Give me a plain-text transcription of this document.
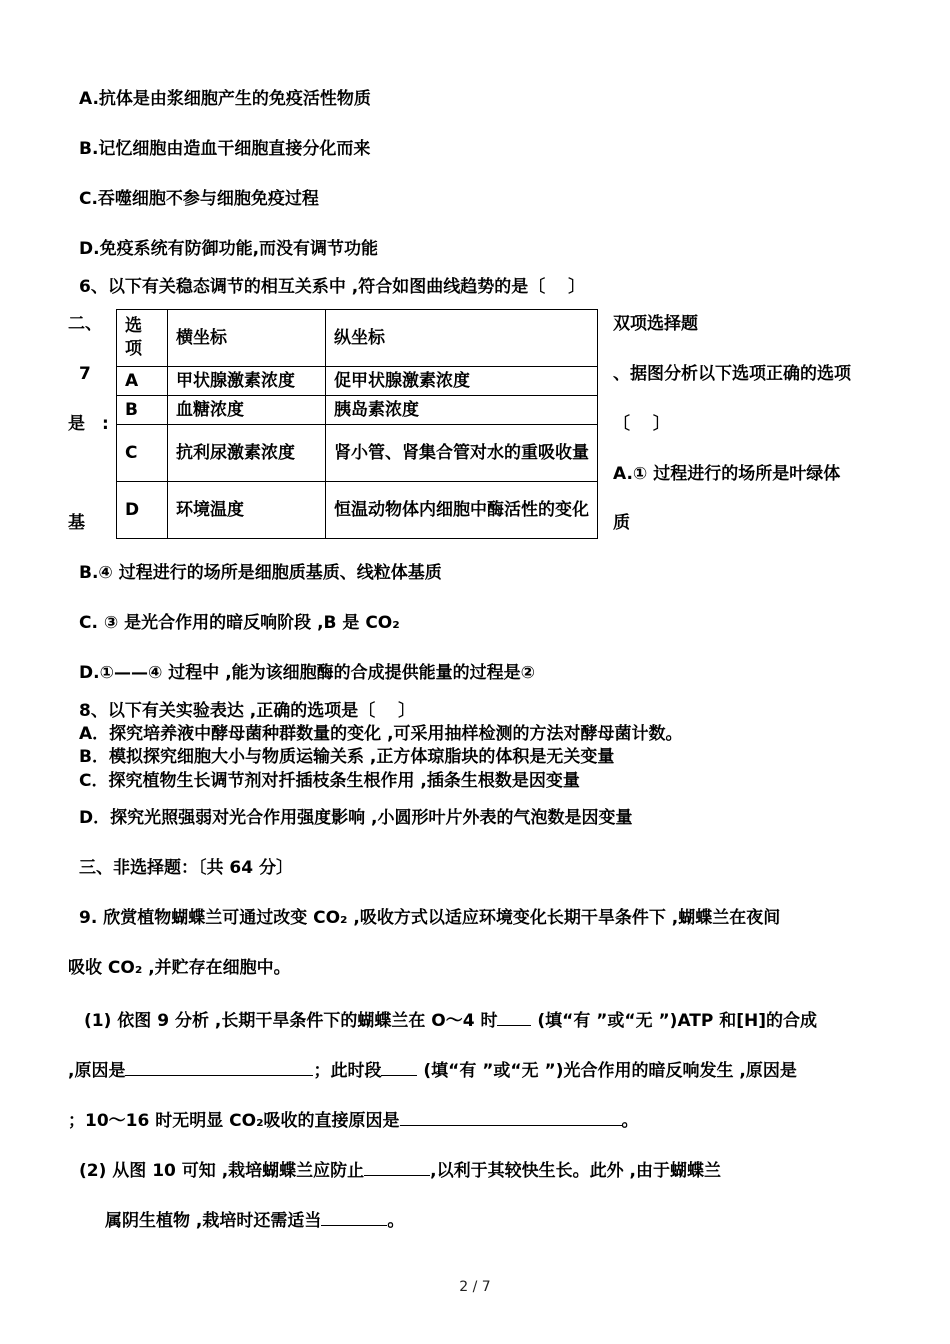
A.抗体是由浆细胞产生的免疫活性物质
B.记忆细胞由造血干细胞直接分化而来
C.吞噬细胞不参与细胞免疫过程
D.免疫系统有防御功能,而没有调节功能
6、以下有关稳态调节的相互关系中 ,符合如图曲线趋势的是〔　 〕
选项	横坐标	纵坐标
A	甲状腺激素浓度	促甲状腺激素浓度
B	血糖浓度	胰岛素浓度
C	抗利尿激素浓度	肾小管、肾集合管对水的重吸收量
D	环境温度	恒温动物体内细胞中酶活性的变化
二、
7
是　:
基
双项选择题
、据图分析以下选项正确的选项
〔　 〕
A.① 过程进行的场所是叶绿体
质
B.④ 过程进行的场所是细胞质基质、线粒体基质
C. ③ 是光合作用的暗反响阶段 ,B 是 CO₂
D.①——④ 过程中 ,能为该细胞酶的合成提供能量的过程是②
8、以下有关实验表达 ,正确的选项是〔　 〕
A．探究培养液中酵母菌种群数量的变化 ,可采用抽样检测的方法对酵母菌计数。
B．模拟探究细胞大小与物质运输关系 ,正方体琼脂块的体积是无关变量
C．探究植物生长调节剂对扦插枝条生根作用 ,插条生根数是因变量
D．探究光照强弱对光合作用强度影响 ,小圆形叶片外表的气泡数是因变量
三、非选择题：〔共 64 分〕
9. 欣赏植物蝴蝶兰可通过改变 CO₂ ,吸收方式以适应环境变化长期干旱条件下 ,蝴蝶兰在夜间
吸收 CO₂ ,并贮存在细胞中。
(1) 依图 9 分析 ,长期干旱条件下的蝴蝶兰在 O～4 时 (填“有 ”或“无 ”)ATP 和[H]的合成
,原因是	；此时段 (填“有 ”或“无 ”)光合作用的暗反响发生 ,原因是
；10～16 时无明显 CO₂吸收的直接原因是	。
(2) 从图 10 可知 ,栽培蝴蝶兰应防止	,以利于其较快生长。此外 ,由于蝴蝶兰
属阴生植物 ,栽培时还需适当	。
2 / 7
